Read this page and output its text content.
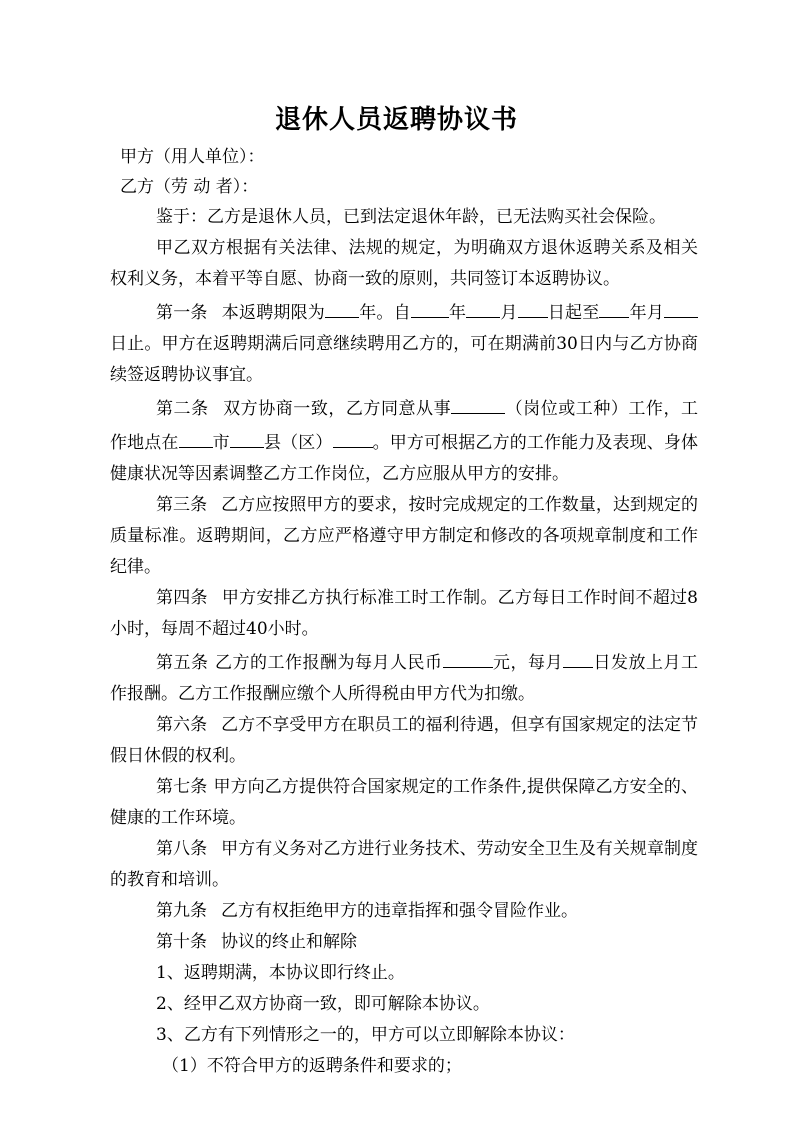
退休人员返聘协议书
甲方（用人单位）：
乙方（劳 动 者）：

鉴于：乙方是退休人员，已到法定退休年龄，已无法购买社会保险。

甲乙双方根据有关法律、法规的规定，为明确双方退休返聘关系及相关权利义务，本着平等自愿、协商一致的原则，共同签订本返聘协议。

第一条 本返聘期限为 年。自 年 月 日起至 年月日止。甲方在返聘期满后同意继续聘用乙方的，可在期满前30日内与乙方协商续签返聘协议事宜。

第二条 双方协商一致，乙方同意从事	（岗位或工种）工作，工作地点在 市 县（区） 。甲方可根据乙方的工作能力及表现、身体健康状况等因素调整乙方工作岗位，乙方应服从甲方的安排。

第三条 乙方应按照甲方的要求，按时完成规定的工作数量，达到规定的质量标准。返聘期间，乙方应严格遵守甲方制定和修改的各项规章制度和工作纪律。

第四条 甲方安排乙方执行标准工时工作制。乙方每日工作时间不超过8小时，每周不超过40小时。

第五条 乙方的工作报酬为每月人民币	元，每月 日发放上月工作报酬。乙方工作报酬应缴个人所得税由甲方代为扣缴。

第六条 乙方不享受甲方在职员工的福利待遇，但享有国家规定的法定节假日休假的权利。

第七条 甲方向乙方提供符合国家规定的工作条件,提供保障乙方安全的、健康的工作环境。

第八条 甲方有义务对乙方进行业务技术、劳动安全卫生及有关规章制度的教育和培训。

第九条 乙方有权拒绝甲方的违章指挥和强令冒险作业。

第十条 协议的终止和解除

1、返聘期满，本协议即行终止。

2、经甲乙双方协商一致，即可解除本协议。

3、乙方有下列情形之一的，甲方可以立即解除本协议：

（1）不符合甲方的返聘条件和要求的；
